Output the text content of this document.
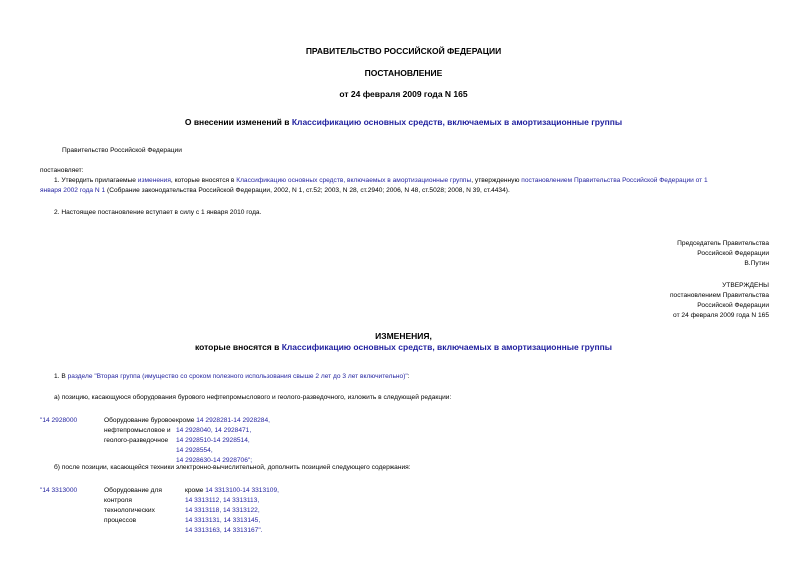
ПРАВИТЕЛЬСТВО РОССИЙСКОЙ ФЕДЕРАЦИИ
ПОСТАНОВЛЕНИЕ
от 24 февраля 2009 года N 165
О внесении изменений в Классификацию основных средств, включаемых в амортизационные группы
Правительство Российской Федерации
постановляет:
1. Утвердить прилагаемые изменения, которые вносятся в Классификацию основных средств, включаемых в амортизационные группы, утвержденную постановлением Правительства Российской Федерации от 1
января 2002 года N 1 (Собрание законодательства Российской Федерации, 2002, N 1, ст.52; 2003, N 28, ст.2940; 2006, N 48, ст.5028; 2008, N 39, ст.4434).
2. Настоящее постановление вступает в силу с 1 января 2010 года.
Председатель Правительства
Российской Федерации
В.Путин
УТВЕРЖДЕНЫ
постановлением Правительства
Российской Федерации
от 24 февраля 2009 года N 165
ИЗМЕНЕНИЯ,
которые вносятся в Классификацию основных средств, включаемых в амортизационные группы
1. В разделе "Вторая группа (имущество со сроком полезного использования свыше 2 лет до 3 лет включительно)":
а) позицию, касающуюся оборудования бурового нефтепромыслового и геолого-разведочного, изложить в следующей редакции:
"14 2928000	Оборудование буровое
нефтепромысловое и
геолого-разведочное
кроме 14 2928281-14 2928284,
14 2928040, 14 2928471,
14 2928510-14 2928514,
14 2928554,
14 2928630-14 2928706";
б) после позиции, касающейся техники электронно-вычислительной, дополнить позицией следующего содержания:
"14 3313000	Оборудование для
контроля
технологических
процессов
кроме 14 3313100-14 3313109,
14 3313112, 14 3313113,
14 3313118, 14 3313122,
14 3313131, 14 3313145,
14 3313163, 14 3313167".
